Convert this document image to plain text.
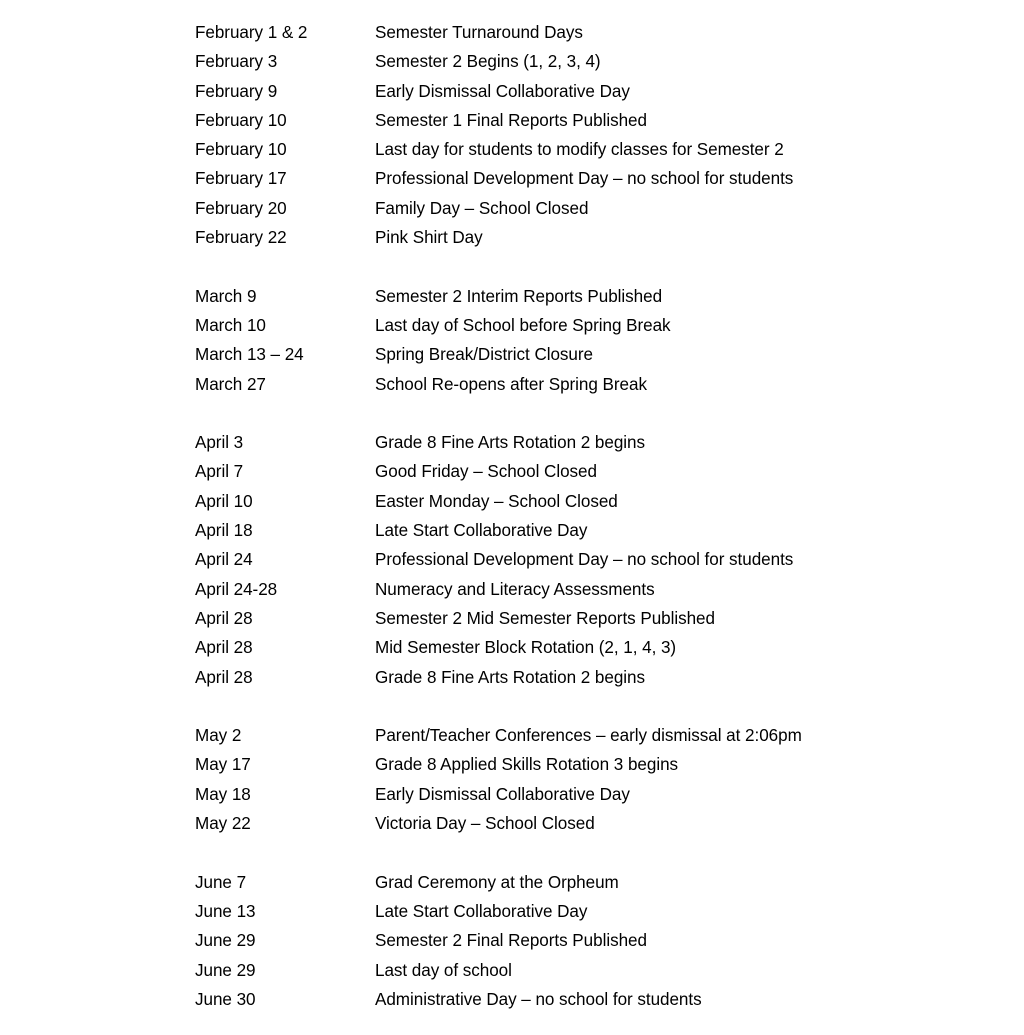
February 1 & 2	Semester Turnaround Days
February 3	Semester 2 Begins (1, 2, 3, 4)
February 9	Early Dismissal Collaborative Day
February 10	Semester 1 Final Reports Published
February 10	Last day for students to modify classes for Semester 2
February 17	Professional Development Day – no school for students
February 20	Family Day – School Closed
February 22	Pink Shirt Day
March 9	Semester 2 Interim Reports Published
March 10	Last day of School before Spring Break
March 13 – 24	Spring Break/District Closure
March 27	School Re-opens after Spring Break
April 3	Grade 8 Fine Arts Rotation 2 begins
April 7	Good Friday – School Closed
April 10	Easter Monday – School Closed
April 18	Late Start Collaborative Day
April 24	Professional Development Day – no school for students
April 24-28	Numeracy and Literacy Assessments
April 28	Semester 2 Mid Semester Reports Published
April 28	Mid Semester Block Rotation (2, 1, 4, 3)
April 28	Grade 8 Fine Arts Rotation 2 begins
May 2	Parent/Teacher Conferences – early dismissal at 2:06pm
May 17	Grade 8 Applied Skills Rotation 3 begins
May 18	Early Dismissal Collaborative Day
May 22	Victoria Day – School Closed
June 7	Grad Ceremony at the Orpheum
June 13	Late Start Collaborative Day
June 29	Semester 2 Final Reports Published
June 29	Last day of school
June 30	Administrative Day – no school for students
